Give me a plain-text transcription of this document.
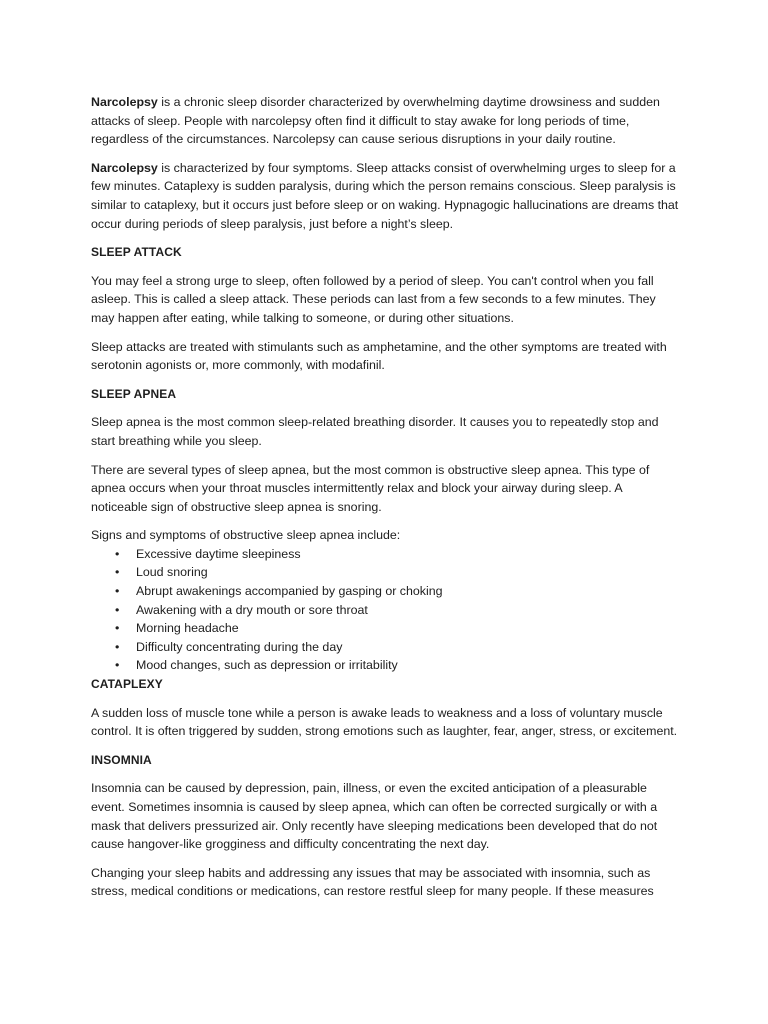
Narcolepsy is a chronic sleep disorder characterized by overwhelming daytime drowsiness and sudden attacks of sleep. People with narcolepsy often find it difficult to stay awake for long periods of time, regardless of the circumstances. Narcolepsy can cause serious disruptions in your daily routine.

Narcolepsy is characterized by four symptoms. Sleep attacks consist of overwhelming urges to sleep for a few minutes. Cataplexy is sudden paralysis, during which the person remains conscious. Sleep paralysis is similar to cataplexy, but it occurs just before sleep or on waking. Hypnagogic hallucinations are dreams that occur during periods of sleep paralysis, just before a night’s sleep.

SLEEP ATTACK

You may feel a strong urge to sleep, often followed by a period of sleep. You can't control when you fall asleep. This is called a sleep attack. These periods can last from a few seconds to a few minutes. They may happen after eating, while talking to someone, or during other situations.

Sleep attacks are treated with stimulants such as amphetamine, and the other symptoms are treated with serotonin agonists or, more commonly, with modafinil.

SLEEP APNEA

Sleep apnea is the most common sleep-related breathing disorder. It causes you to repeatedly stop and start breathing while you sleep.

There are several types of sleep apnea, but the most common is obstructive sleep apnea. This type of apnea occurs when your throat muscles intermittently relax and block your airway during sleep. A noticeable sign of obstructive sleep apnea is snoring.

Signs and symptoms of obstructive sleep apnea include:

• Excessive daytime sleepiness
• Loud snoring
• Abrupt awakenings accompanied by gasping or choking
• Awakening with a dry mouth or sore throat
• Morning headache
• Difficulty concentrating during the day
• Mood changes, such as depression or irritability

CATAPLEXY

A sudden loss of muscle tone while a person is awake leads to weakness and a loss of voluntary muscle control. It is often triggered by sudden, strong emotions such as laughter, fear, anger, stress, or excitement.

INSOMNIA

Insomnia can be caused by depression, pain, illness, or even the excited anticipation of a pleasurable event. Sometimes insomnia is caused by sleep apnea, which can often be corrected surgically or with a mask that delivers pressurized air. Only recently have sleeping medications been developed that do not cause hangover-like grogginess and difficulty concentrating the next day.

Changing your sleep habits and addressing any issues that may be associated with insomnia, such as stress, medical conditions or medications, can restore restful sleep for many people. If these measures
